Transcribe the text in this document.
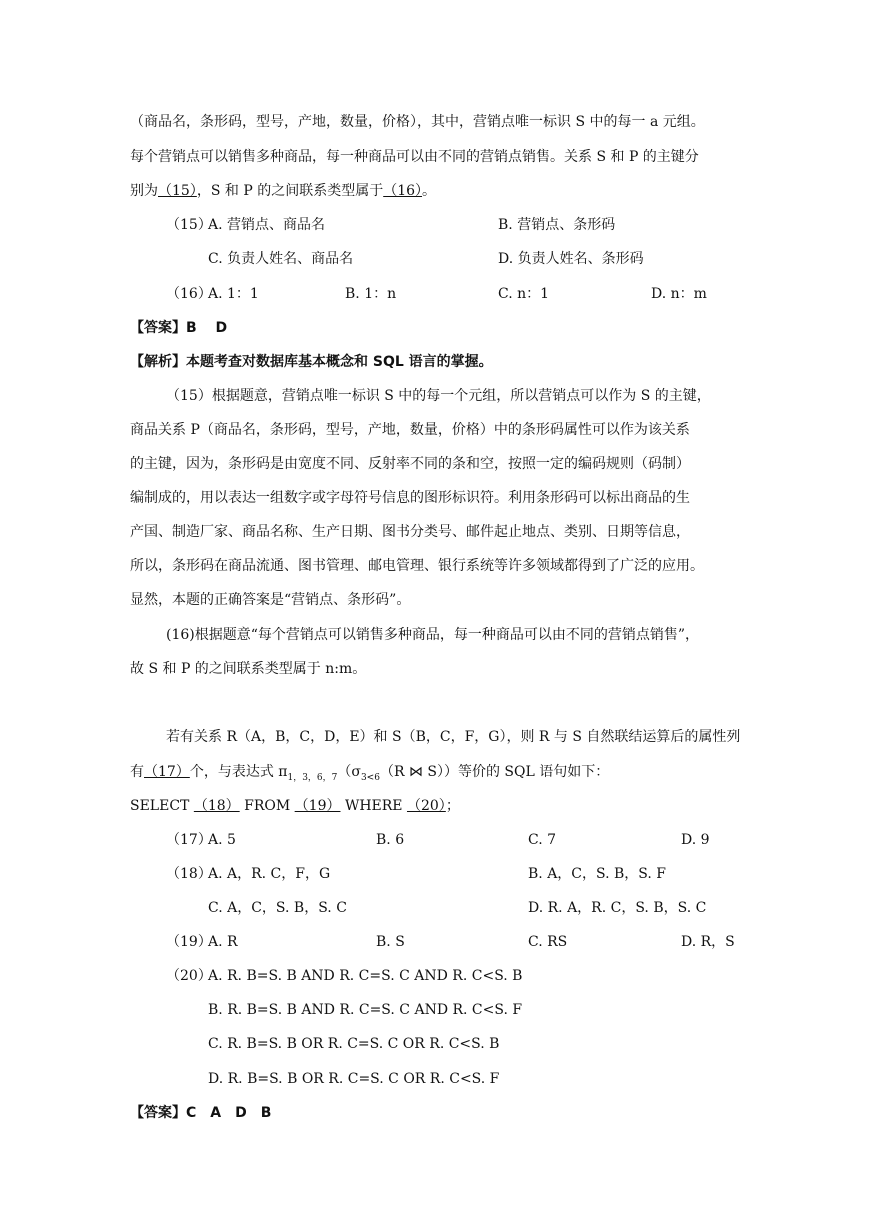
（商品名，条形码，型号，产地，数量，价格），其中，营销点唯一标识 S 中的每一 a 元组。
每个营销点可以销售多种商品，每一种商品可以由不同的营销点销售。关系 S 和 P 的主键分
别为（15），S 和 P 的之间联系类型属于（16）。
（15）
A. 营销点、商品名	B. 营销点、条形码
C. 负责人姓名、商品名	D. 负责人姓名、条形码
（16）
A. 1：1	B. 1：n	C. n：1	D. n：m
【答案】B　 D
【解析】本题考查对数据库基本概念和 SQL 语言的掌握。
（15）根据题意，营销点唯一标识 S 中的每一个元组，所以营销点可以作为 S 的主键，
商品关系 P（商品名，条形码，型号，产地，数量，价格）中的条形码属性可以作为该关系
的主键，因为，条形码是由宽度不同、反射率不同的条和空，按照一定的编码规则（码制）
编制成的，用以表达一组数字或字母符号信息的图形标识符。利用条形码可以标出商品的生
产国、制造厂家、商品名称、生产日期、图书分类号、邮件起止地点、类别、日期等信息，
所以，条形码在商品流通、图书管理、邮电管理、银行系统等许多领域都得到了广泛的应用。
显然，本题的正确答案是“营销点、条形码”。
(16)根据题意“每个营销点可以销售多种商品，每一种商品可以由不同的营销点销售”，
故 S 和 P 的之间联系类型属于 n:m。
若有关系 R（A，B，C，D，E）和 S（B，C，F，G），则 R 与 S 自然联结运算后的属性列
有（17）个，与表达式 $\pi_{1,3,6,7}(\sigma_{3<6}(R$ ⋈ S））等价的 SQL 语句如下：
SELECT （18） FROM （19） WHERE （20）；
（17）
A. 5	B. 6	C. 7	D. 9
（18）
A. A，R. C，F，G	B. A，C，S. B，S. F
C. A，C，S. B，S. C	D. R. A，R. C，S. B，S. C
（19）
A. R	B. S	C. RS	D. R，S
（20）
A. R. B=S. B AND R. C=S. C AND R. C<S. B
B. R. B=S. B AND R. C=S. C AND R. C<S. F
C. R. B=S. B OR R. C=S. C OR R. C<S. B
D. R. B=S. B OR R. C=S. C OR R. C<S. F
【答案】C　A　D　B
